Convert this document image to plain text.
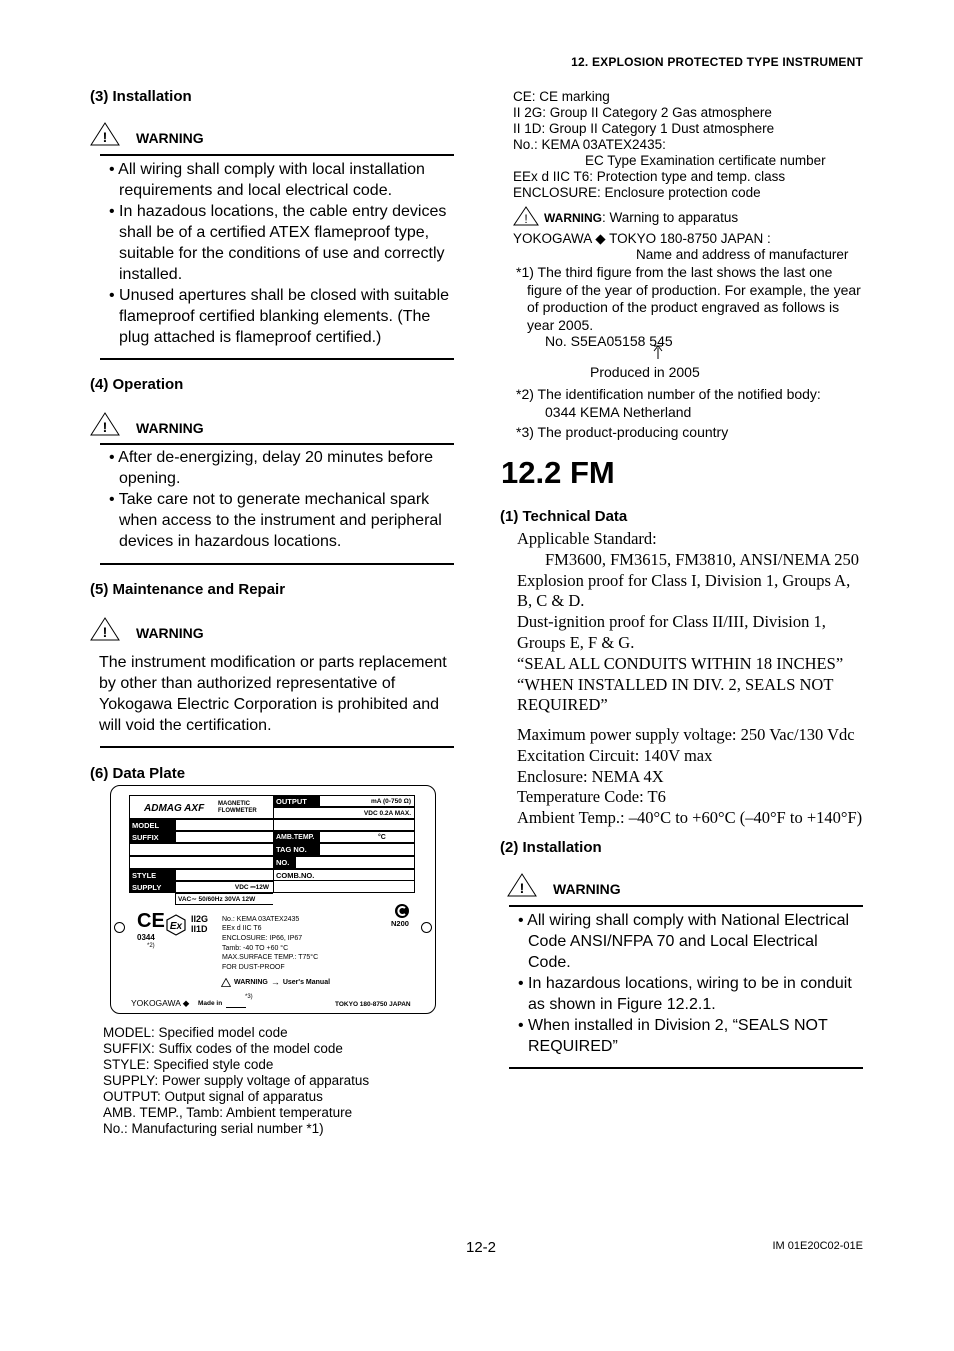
12. EXPLOSION PROTECTED TYPE INSTRUMENT
(3) Installation
! WARNING

• All wiring shall comply with local installation requirements and local electrical code.

• In hazadous locations, the cable entry devices shall be of a certified ATEX flameproof type, suitable for the conditions of use and correctly installed.

• Unused apertures shall be closed with suitable flameproof certified blanking elements. (The plug attached is flameproof certified.)

(4) Operation
! WARNING

• After de-energizing, delay 20 minutes before opening.

• Take care not to generate mechanical spark when access to the instrument and peripheral devices in hazardous locations.

(5) Maintenance and Repair
! WARNING

The instrument modification or parts replacement by other than authorized representative of Yokogawa Electric Corporation is prohibited and will void the certification.

(6) Data Plate
ADMAG AXF MAGNETIC
FLOWMETER
MODEL
SUFFIX
STYLE
SUPPLY	VDC ⎓12W
VAC∼ 50/60Hz 30VA 12W
OUTPUT	mA (0-750 Ω)
VDC 0.2A MAX.
AMB.TEMP.	°C
TAG NO.
NO.
COMB.NO.
CE
0344
*2)
Ex
II2G
II1D
No.: KEMA 03ATEX2435
EEx d IIC T6
ENCLOSURE: IP66, IP67
Tamb: -40 TO +60 °C
MAX.SURFACE TEMP.: T75°C
FOR DUST-PROOF
WARNING → User's Manual
N200
YOKOGAWA ◆ Made in
*3)
TOKYO 180-8750 JAPAN
MODEL: Specified model code
SUFFIX: Suffix codes of the model code
STYLE: Specified style code
SUPPLY: Power supply voltage of apparatus
OUTPUT: Output signal of apparatus
AMB. TEMP., Tamb: Ambient temperature
No.: Manufacturing serial number *1)
CE: CE marking
II 2G: Group II Category 2 Gas atmosphere
II 1D: Group II Category 1 Dust atmosphere
No.: KEMA 03ATEX2435:
EC Type Examination certificate number
EEx d IIC T6: Protection type and temp. class
ENCLOSURE: Enclosure protection code
! WARNING : Warning to apparatus
YOKOGAWA ◆ TOKYO 180-8750 JAPAN :
Name and address of manufacturer

*1) The third figure from the last shows the last one figure of the year of production. For example, the year of production of the product engraved as follows is year 2005.

No. S5EA05158 545
Produced in 2005
*2) The identification number of the notified body:
0344 KEMA Netherland
*3) The product-producing country
12.2 FM
(1) Technical Data
Applicable Standard:
FM3600, FM3615, FM3810, ANSI/NEMA 250
Explosion proof for Class I, Division 1, Groups A, B, C & D.
Dust-ignition proof for Class II/III, Division 1, Groups E, F & G.
“SEAL ALL CONDUITS WITHIN 18 INCHES”
“WHEN INSTALLED IN DIV. 2, SEALS NOT REQUIRED”
Maximum power supply voltage: 250 Vac/130 Vdc
Excitation Circuit: 140V max
Enclosure: NEMA 4X
Temperature Code: T6
Ambient Temp.: –40°C to +60°C (–40°F to +140°F)
(2) Installation
! WARNING

• All wiring shall comply with National Electrical Code ANSI/NFPA 70 and Local Electrical Code.

• In hazardous locations, wiring to be in conduit as shown in Figure 12.2.1.

• When installed in Division 2, “SEALS NOT REQUIRED”

12-2	IM 01E20C02-01E
